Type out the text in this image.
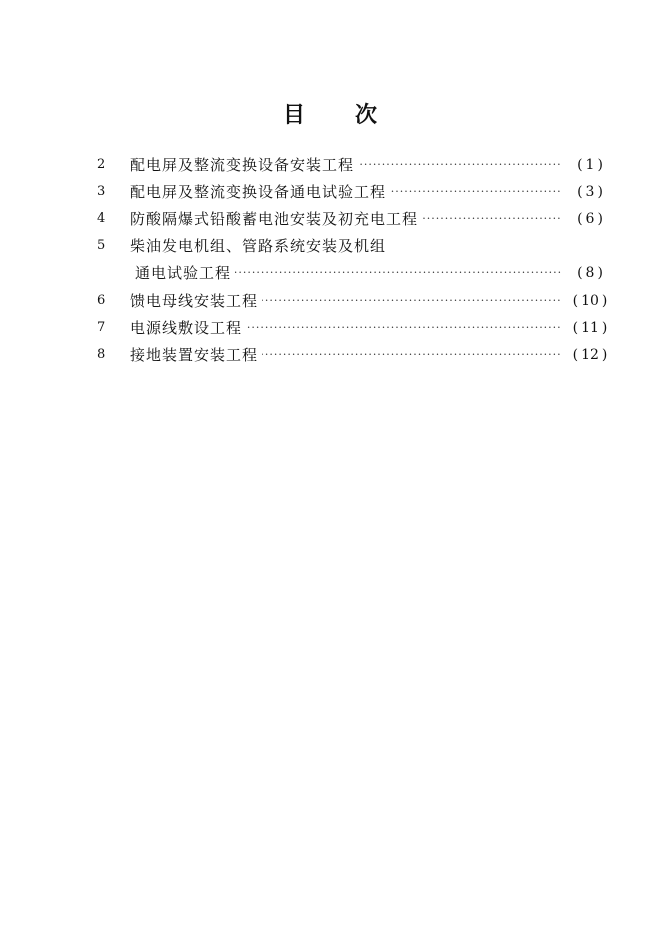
目 次
2 ·····	配电屏及整流变换设备安装工程	( 1 )
3 ·····	配电屏及整流变换设备通电试验工程	( 3 )
4 ·····	防酸隔爆式铅酸蓄电池安装及初充电工程	( 6 )
5	柴油发电机组、管路系统安装及机组
·····
通电试验工程	( 8 )
6 ·····	馈电母线安装工程	( 10 )
7 ·····	电源线敷设工程	( 11 )
8 ·····	接地装置安装工程	( 12 )
